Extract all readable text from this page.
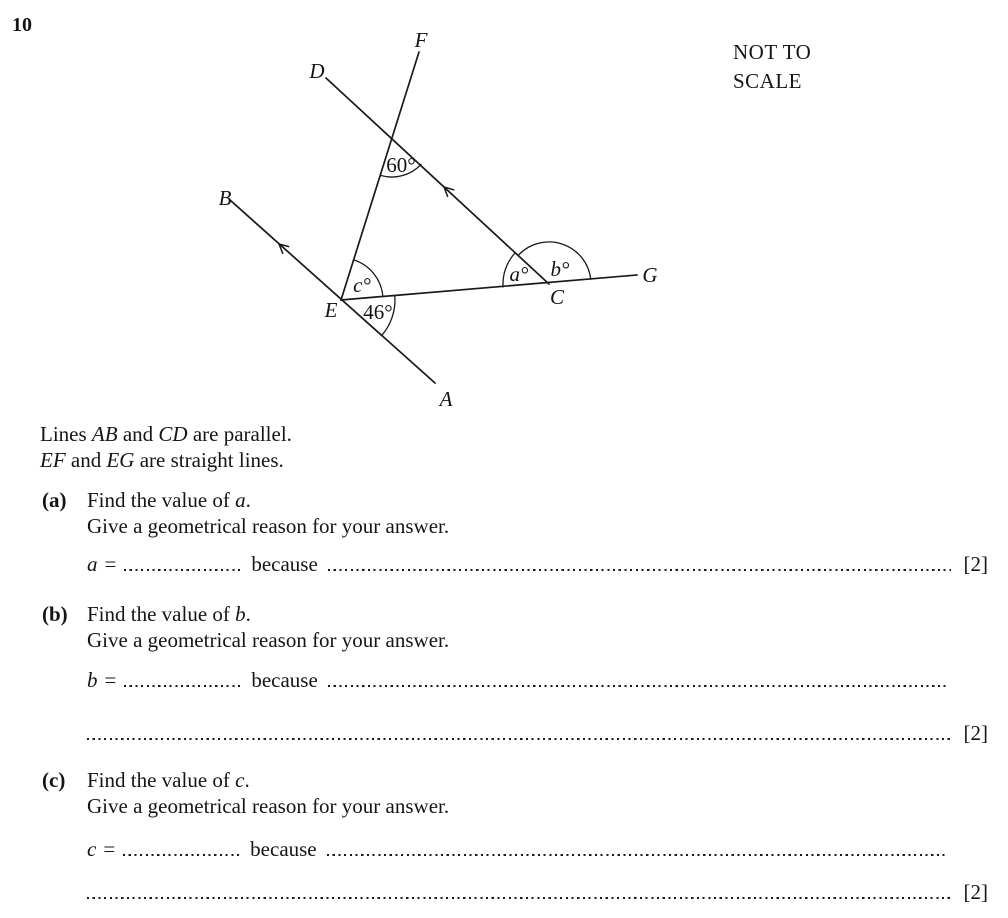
10
NOT TO
SCALE
F
D
B
A
E
C
G
60°
c°
46°
a° b°
Lines AB and CD are parallel.
EF and EG are straight lines.
(a) Find the value of a.
Give a geometrical reason for your answer.
a =	because	[2]
(b) Find the value of b.
Give a geometrical reason for your answer.
b =	because
[2]
(c) Find the value of c.
Give a geometrical reason for your answer.
c =	because
[2]
